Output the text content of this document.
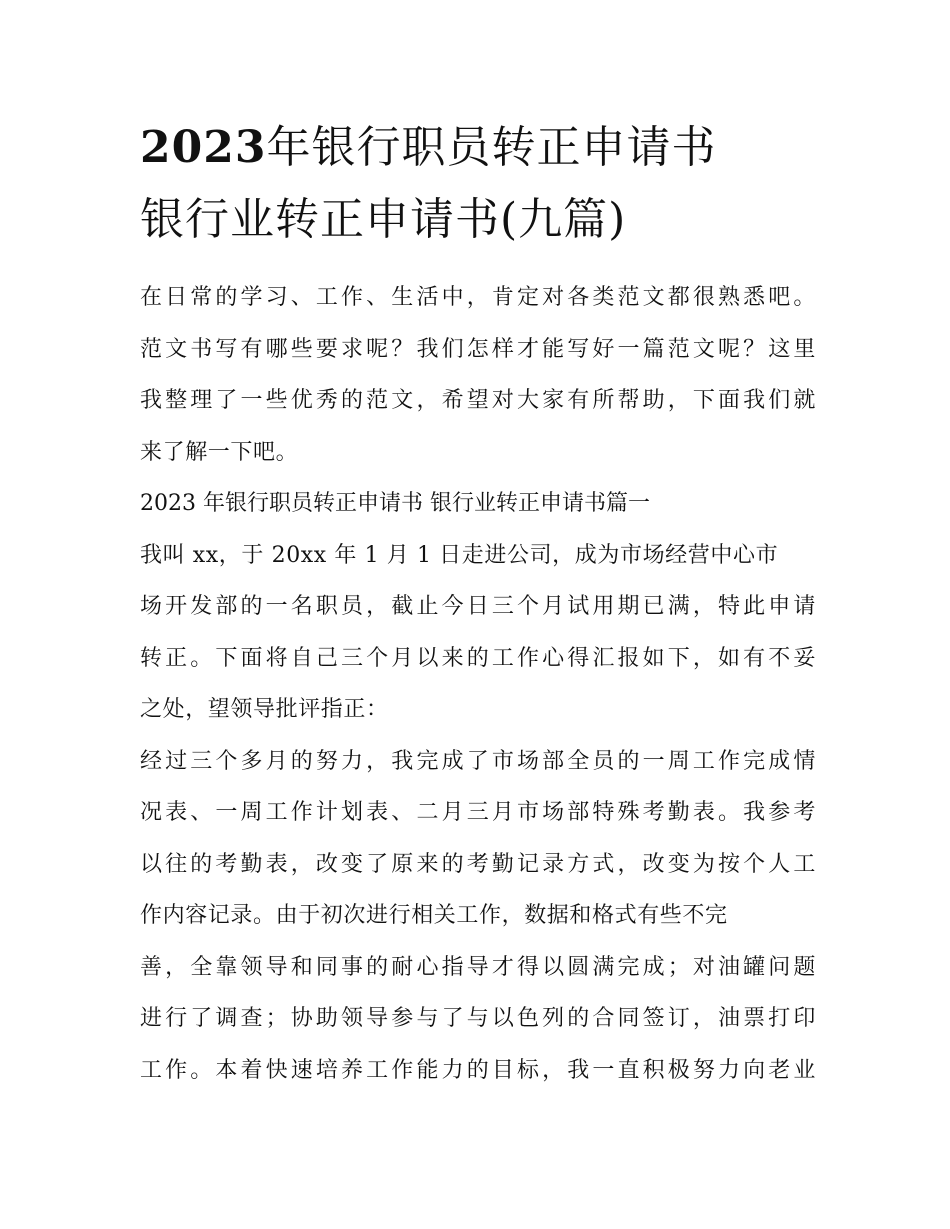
2023年银行职员转正申请书
银行业转正申请书(九篇)
在日常的学习、工作、生活中，肯定对各类范文都很熟悉吧。
范文书写有哪些要求呢？我们怎样才能写好一篇范文呢？这里
我整理了一些优秀的范文，希望对大家有所帮助，下面我们就
来了解一下吧。
2023 年银行职员转正申请书 银行业转正申请书篇一
我叫 xx，于 20xx 年 1 月 1 日走进公司，成为市场经营中心市
场开发部的一名职员，截止今日三个月试用期已满，特此申请
转正。下面将自己三个月以来的工作心得汇报如下，如有不妥
之处，望领导批评指正：
经过三个多月的努力，我完成了市场部全员的一周工作完成情
况表、一周工作计划表、二月三月市场部特殊考勤表。我参考
以往的考勤表，改变了原来的考勤记录方式，改变为按个人工
作内容记录。由于初次进行相关工作，数据和格式有些不完
善，全靠领导和同事的耐心指导才得以圆满完成；对油罐问题
进行了调查；协助领导参与了与以色列的合同签订，油票打印
工作。本着快速培养工作能力的目标，我一直积极努力向老业
